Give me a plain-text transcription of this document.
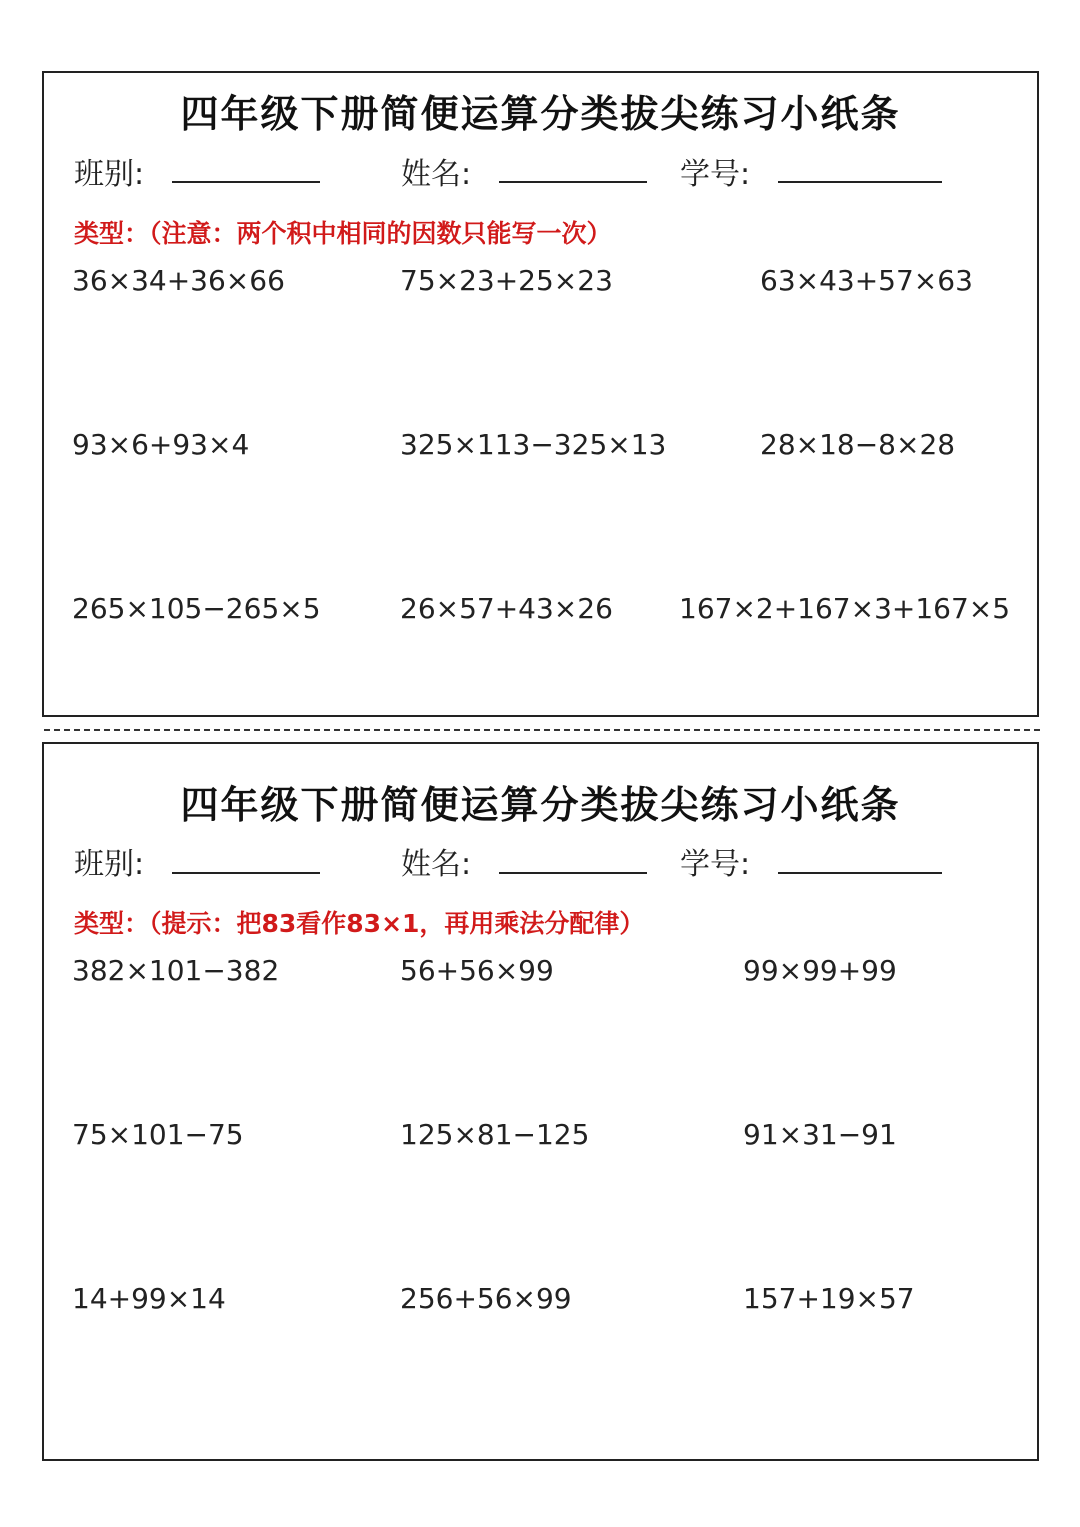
四年级下册简便运算分类拔尖练习小纸条
班别:	姓名:	学号:
类型：（注意：两个积中相同的因数只能写一次）
36×34+36×66	75×23+25×23	63×43+57×63
93×6+93×4	325×113−325×13	28×18−8×28
265×105−265×5	26×57+43×26 167×2+167×3+167×5
四年级下册简便运算分类拔尖练习小纸条
班别:	姓名:	学号:
类型：（提示：把83看作83×1，再用乘法分配律）
382×101−382	56+56×99	99×99+99
75×101−75	125×81−125	91×31−91
14+99×14	256+56×99	157+19×57
